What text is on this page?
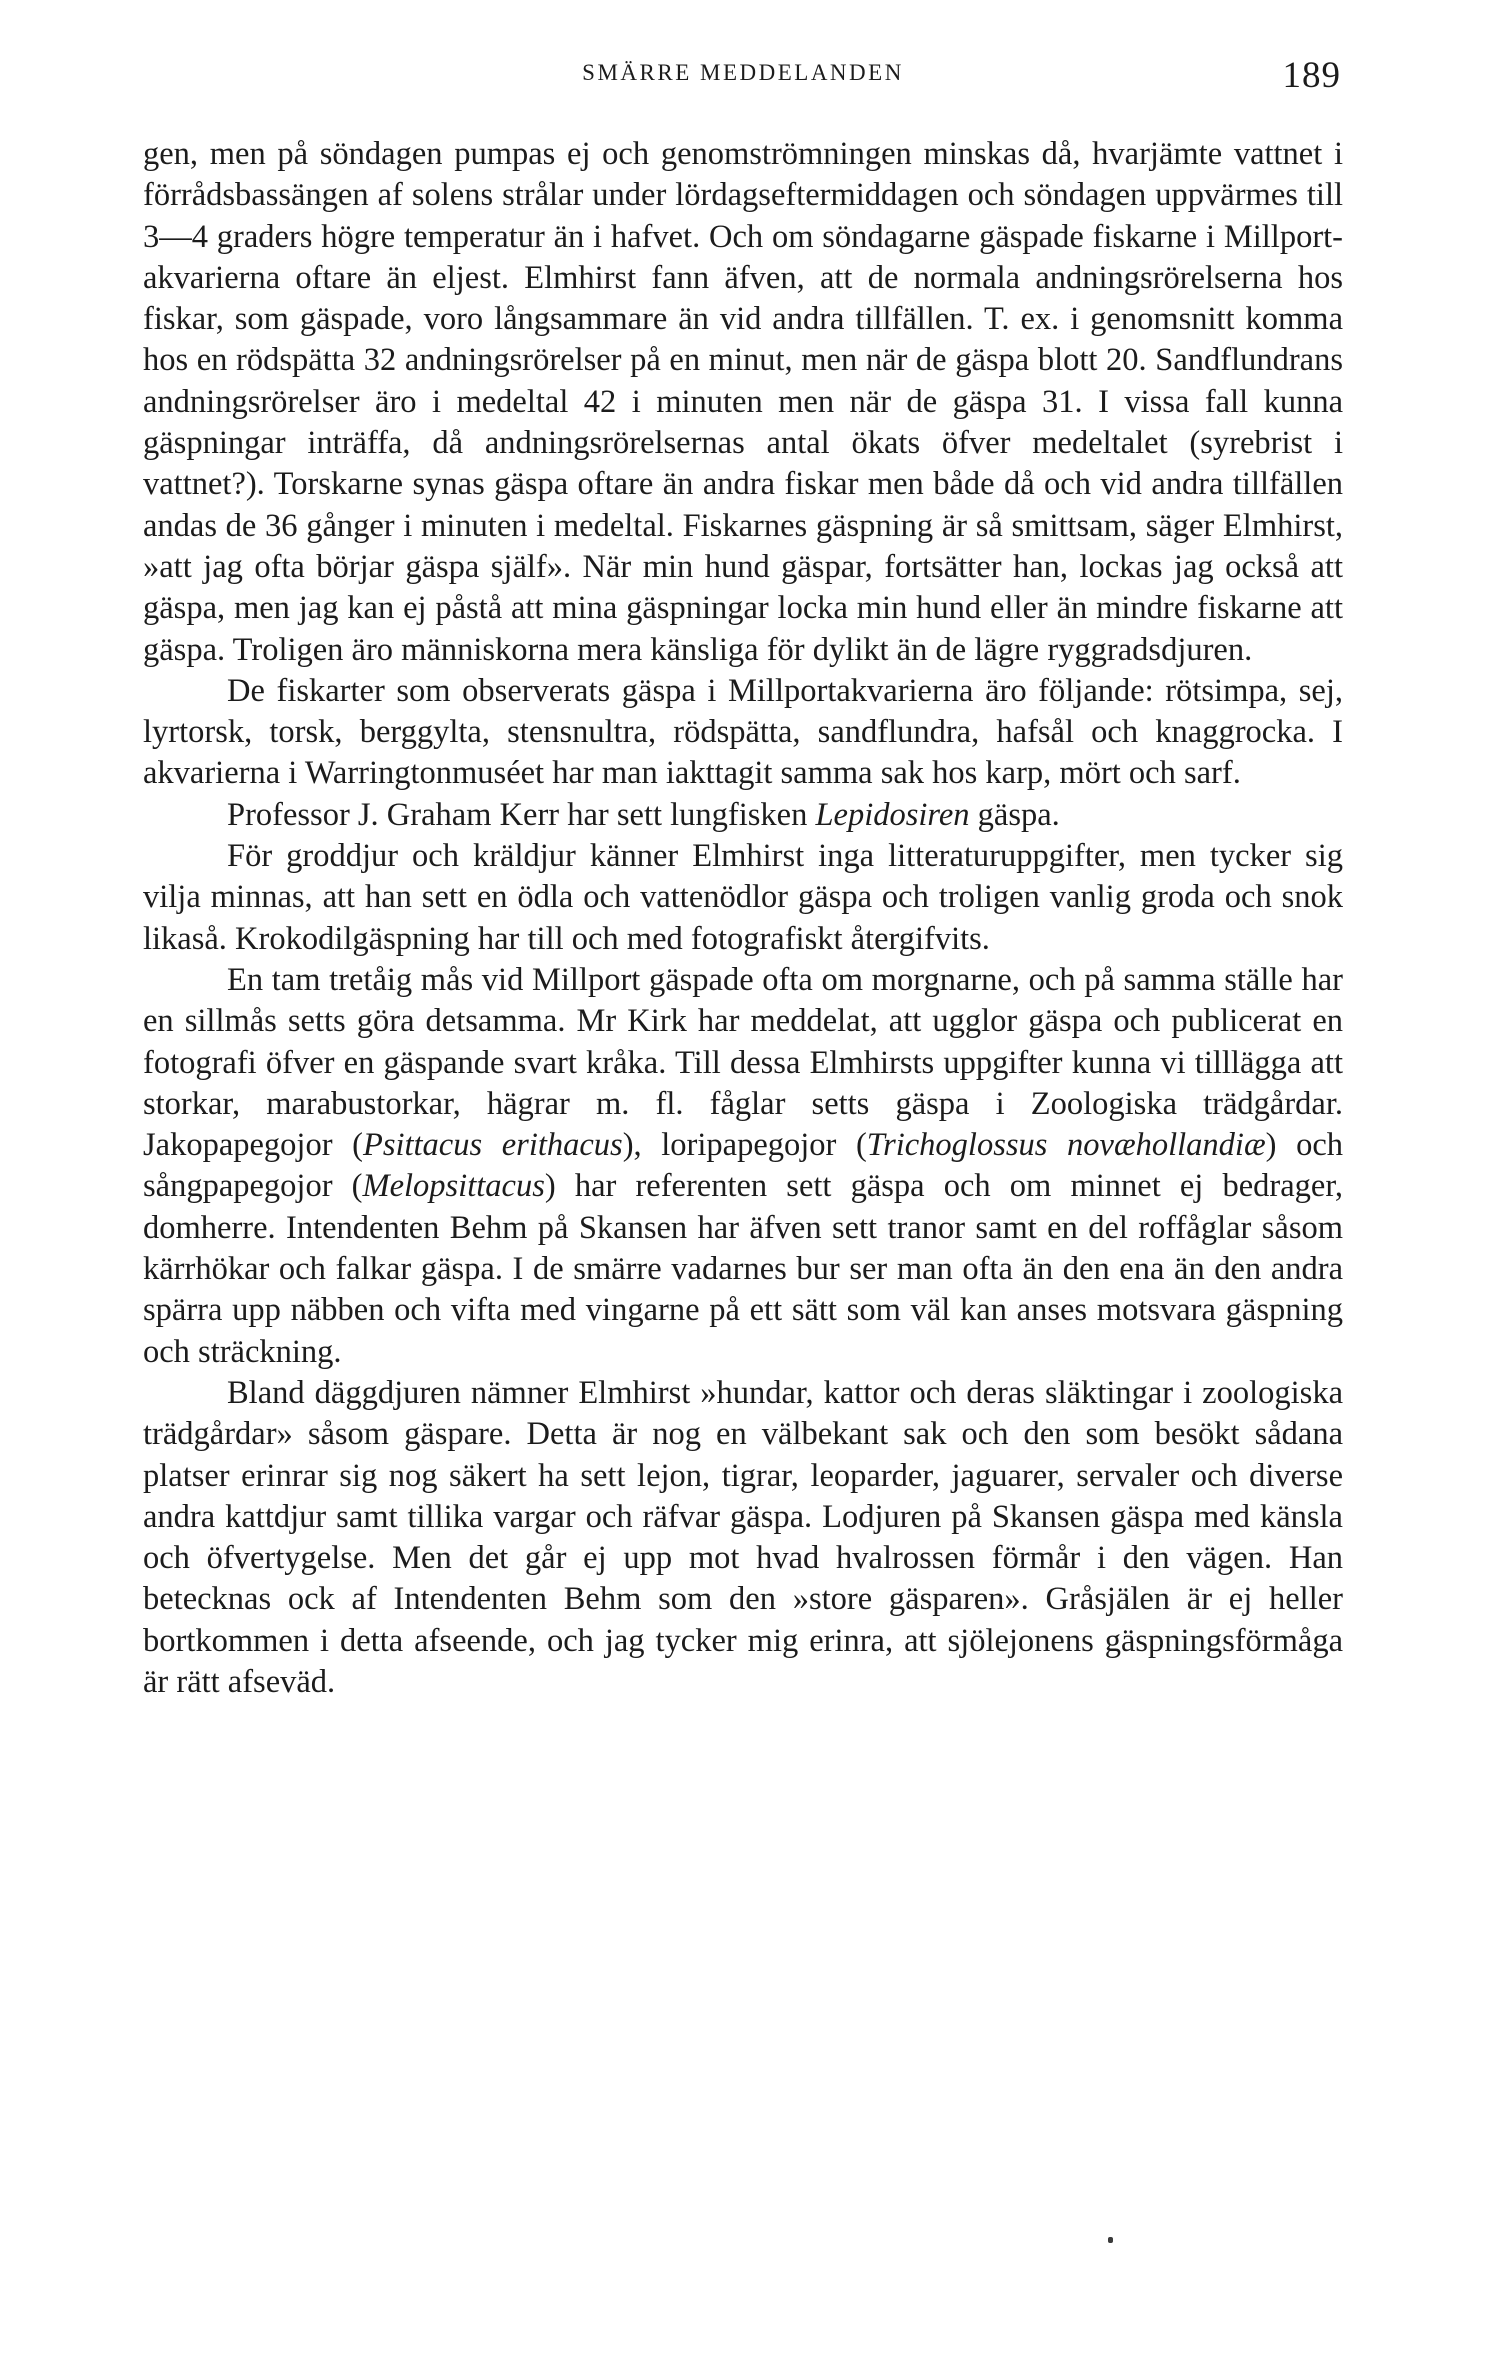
SMÄRRE MEDDELANDEN	189

gen, men på söndagen pumpas ej och genomströmningen minskas då, hvarjämte vattnet i förrådsbassängen af solens strålar under lördagseftermiddagen och söndagen uppvärmes till 3—4 graders högre temperatur än i hafvet. Och om söndagarne gäspade fiskarne i Millport-akvarierna oftare än eljest. Elmhirst fann äfven, att de normala andningsrörelserna hos fiskar, som gäspade, voro långsammare än vid andra tillfällen. T. ex. i genomsnitt komma hos en rödspätta 32 andningsrörelser på en minut, men när de gäspa blott 20. Sandflundrans andningsrörelser äro i medeltal 42 i minuten men när de gäspa 31. I vissa fall kunna gäspningar inträffa, då andningsrörelsernas antal ökats öfver medeltalet (syrebrist i vattnet?). Torskarne synas gäspa oftare än andra fiskar men både då och vid andra tillfällen andas de 36 gånger i minuten i medeltal. Fiskarnes gäspning är så smittsam, säger Elmhirst, »att jag ofta börjar gäspa själf». När min hund gäspar, fortsätter han, lockas jag också att gäspa, men jag kan ej påstå att mina gäspningar locka min hund eller än mindre fiskarne att gäspa. Troligen äro människorna mera känsliga för dylikt än de lägre ryggradsdjuren.

De fiskarter som observerats gäspa i Millportakvarierna äro följande: rötsimpa, sej, lyrtorsk, torsk, berggylta, stensnultra, rödspätta, sandflundra, hafsål och knaggrocka. I akvarierna i Warringtonmuséet har man iakttagit samma sak hos karp, mört och sarf.

Professor J. Graham Kerr har sett lungfisken Lepidosiren gäspa.

För groddjur och kräldjur känner Elmhirst inga litteraturuppgifter, men tycker sig vilja minnas, att han sett en ödla och vattenödlor gäspa och troligen vanlig groda och snok likaså. Krokodilgäspning har till och med fotografiskt återgifvits.

En tam tretåig mås vid Millport gäspade ofta om morgnarne, och på samma ställe har en sillmås setts göra detsamma. Mr Kirk har meddelat, att ugglor gäspa och publicerat en fotografi öfver en gäspande svart kråka. Till dessa Elmhirsts uppgifter kunna vi tilllägga att storkar, marabustorkar, hägrar m. fl. fåglar setts gäspa i Zoologiska trädgårdar. Jakopapegojor (Psittacus erithacus), loripapegojor (Trichoglossus novæhollandiæ) och sångpapegojor (Melopsittacus) har referenten sett gäspa och om minnet ej bedrager, domherre. Intendenten Behm på Skansen har äfven sett tranor samt en del roffåglar såsom kärrhökar och falkar gäspa. I de smärre vadarnes bur ser man ofta än den ena än den andra spärra upp näbben och vifta med vingarne på ett sätt som väl kan anses motsvara gäspning och sträckning.

Bland däggdjuren nämner Elmhirst »hundar, kattor och deras släktingar i zoologiska trädgårdar» såsom gäspare. Detta är nog en välbekant sak och den som besökt sådana platser erinrar sig nog säkert ha sett lejon, tigrar, leoparder, jaguarer, servaler och diverse andra kattdjur samt tillika vargar och räfvar gäspa. Lodjuren på Skansen gäspa med känsla och öfvertygelse. Men det går ej upp mot hvad hvalrossen förmår i den vägen. Han betecknas ock af Intendenten Behm som den »store gäsparen». Gråsjälen är ej heller bortkommen i detta afseende, och jag tycker mig erinra, att sjölejonens gäspningsförmåga är rätt afseväd.
